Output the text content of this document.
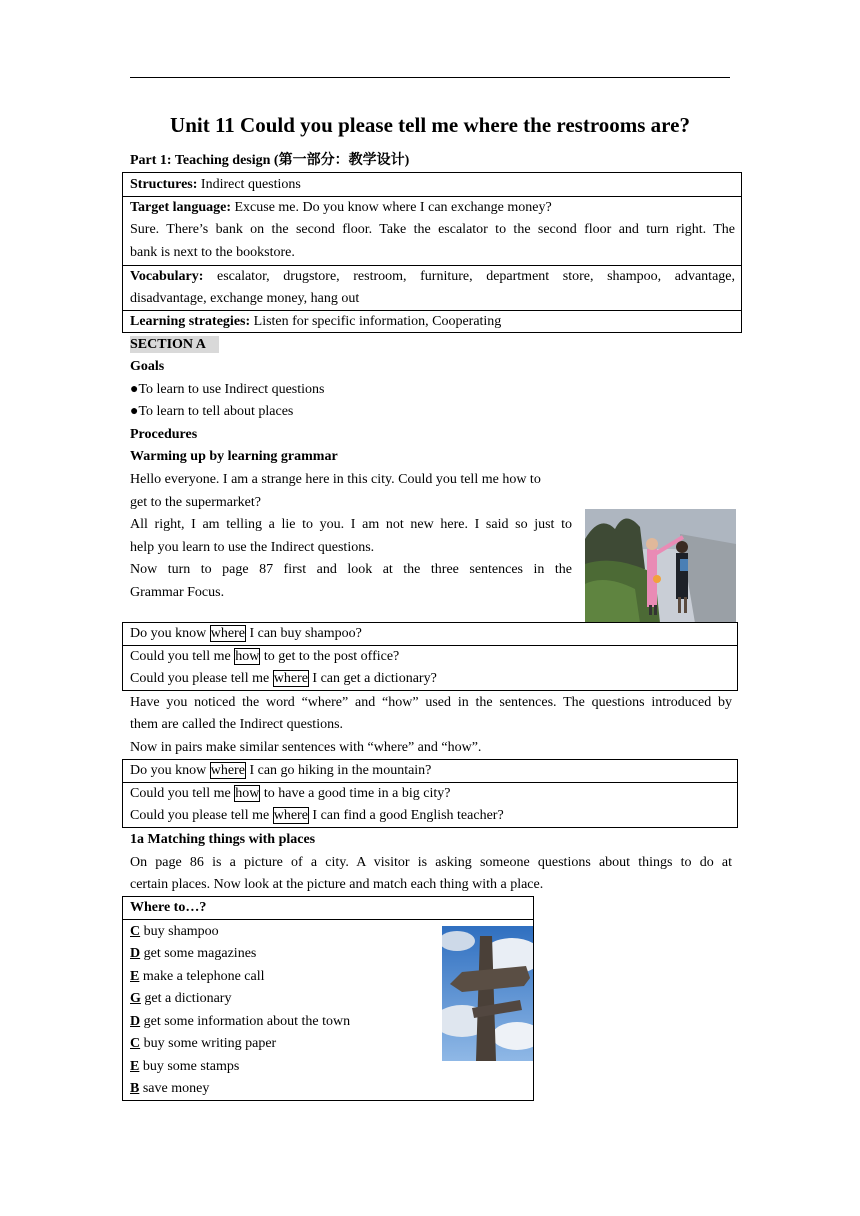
Unit 11 Could you please tell me where the restrooms are?
Part 1: Teaching design (第一部分：教学设计)
Structures: Indirect questions
Target language: Excuse me. Do you know where I can exchange money?
Sure. There’s bank on the second floor. Take the escalator to the second floor and turn right. The
bank is next to the bookstore.
Vocabulary: escalator, drugstore, restroom, furniture, department store, shampoo, advantage,
disadvantage, exchange money, hang out
Learning strategies: Listen for specific information, Cooperating
SECTION A
Goals
●To learn to use Indirect questions
●To learn to tell about places
Procedures
Warming up by learning grammar
Hello everyone. I am a strange here in this city. Could you tell me how to
get to the supermarket?
All right, I am telling a lie to you. I am not new here. I said so just to
help you learn to use the Indirect questions.
Now turn to page 87 first and look at the three sentences in the
Grammar Focus.
Do you know where I can buy shampoo?
Could you tell me how to get to the post office?
Could you please tell me where I can get a dictionary?
Have you noticed the word “where” and “how” used in the sentences. The questions introduced by
them are called the Indirect questions.
Now in pairs make similar sentences with “where” and “how”.
Do you know where I can go hiking in the mountain?
Could you tell me how to have a good time in a big city?
Could you please tell me where I can find a good English teacher?
1a Matching things with places
On page 86 is a picture of a city. A visitor is asking someone questions about things to do at
certain places. Now look at the picture and match each thing with a place.
Where to…?
C buy shampoo
D get some magazines
E make a telephone call
G get a dictionary
D get some information about the town
C buy some writing paper
E buy some stamps
B save money
